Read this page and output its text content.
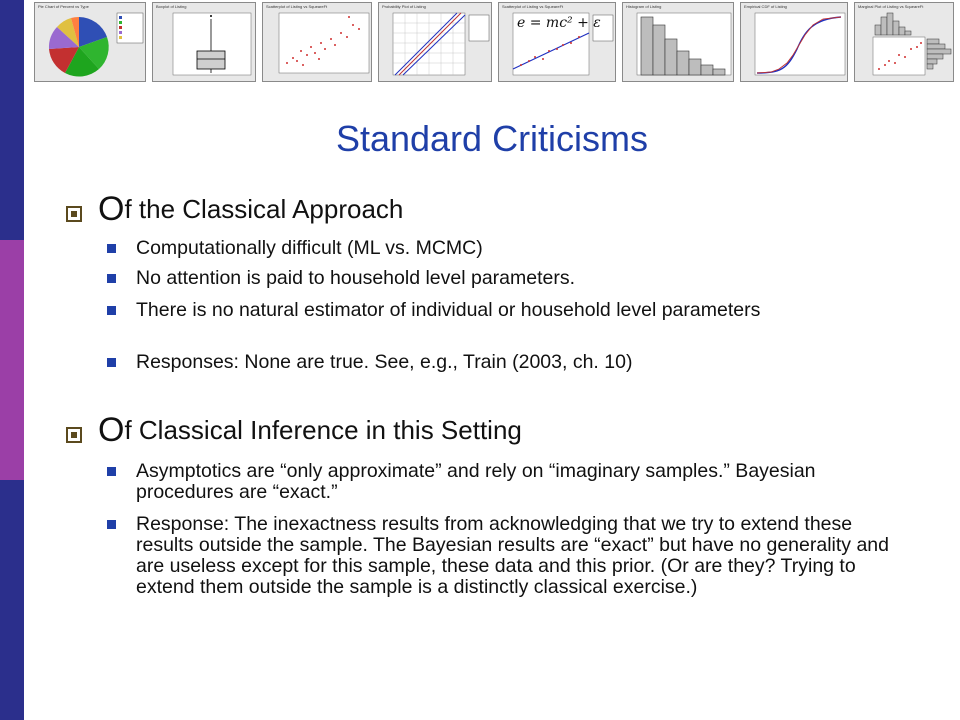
Pie Chart of Percent vs Type	Boxplot of Listing	Scatterplot of Listing vs SqueareFt	Probability Plot of Listing	Scatterplot of Listing vs SqueareFt
e = mc² + ε
Histogram of Listing	Empirical CDF of Listing	Marginal Plot of Listing vs SqueareFt
Standard Criticisms
Of the Classical Approach
Computationally difficult (ML vs. MCMC)
No attention is paid to household level parameters.
There is no natural estimator of individual or household level parameters
Responses: None are true. See, e.g., Train (2003, ch. 10)
Of Classical Inference in this Setting
Asymptotics are “only approximate” and rely on “imaginary samples.” Bayesian procedures are “exact.”
Response: The inexactness results from acknowledging that we try to extend these results outside the sample. The Bayesian results are “exact” but have no generality and are useless except for this sample, these data and this prior. (Or are they? Trying to extend them outside the sample is a distinctly classical exercise.)
